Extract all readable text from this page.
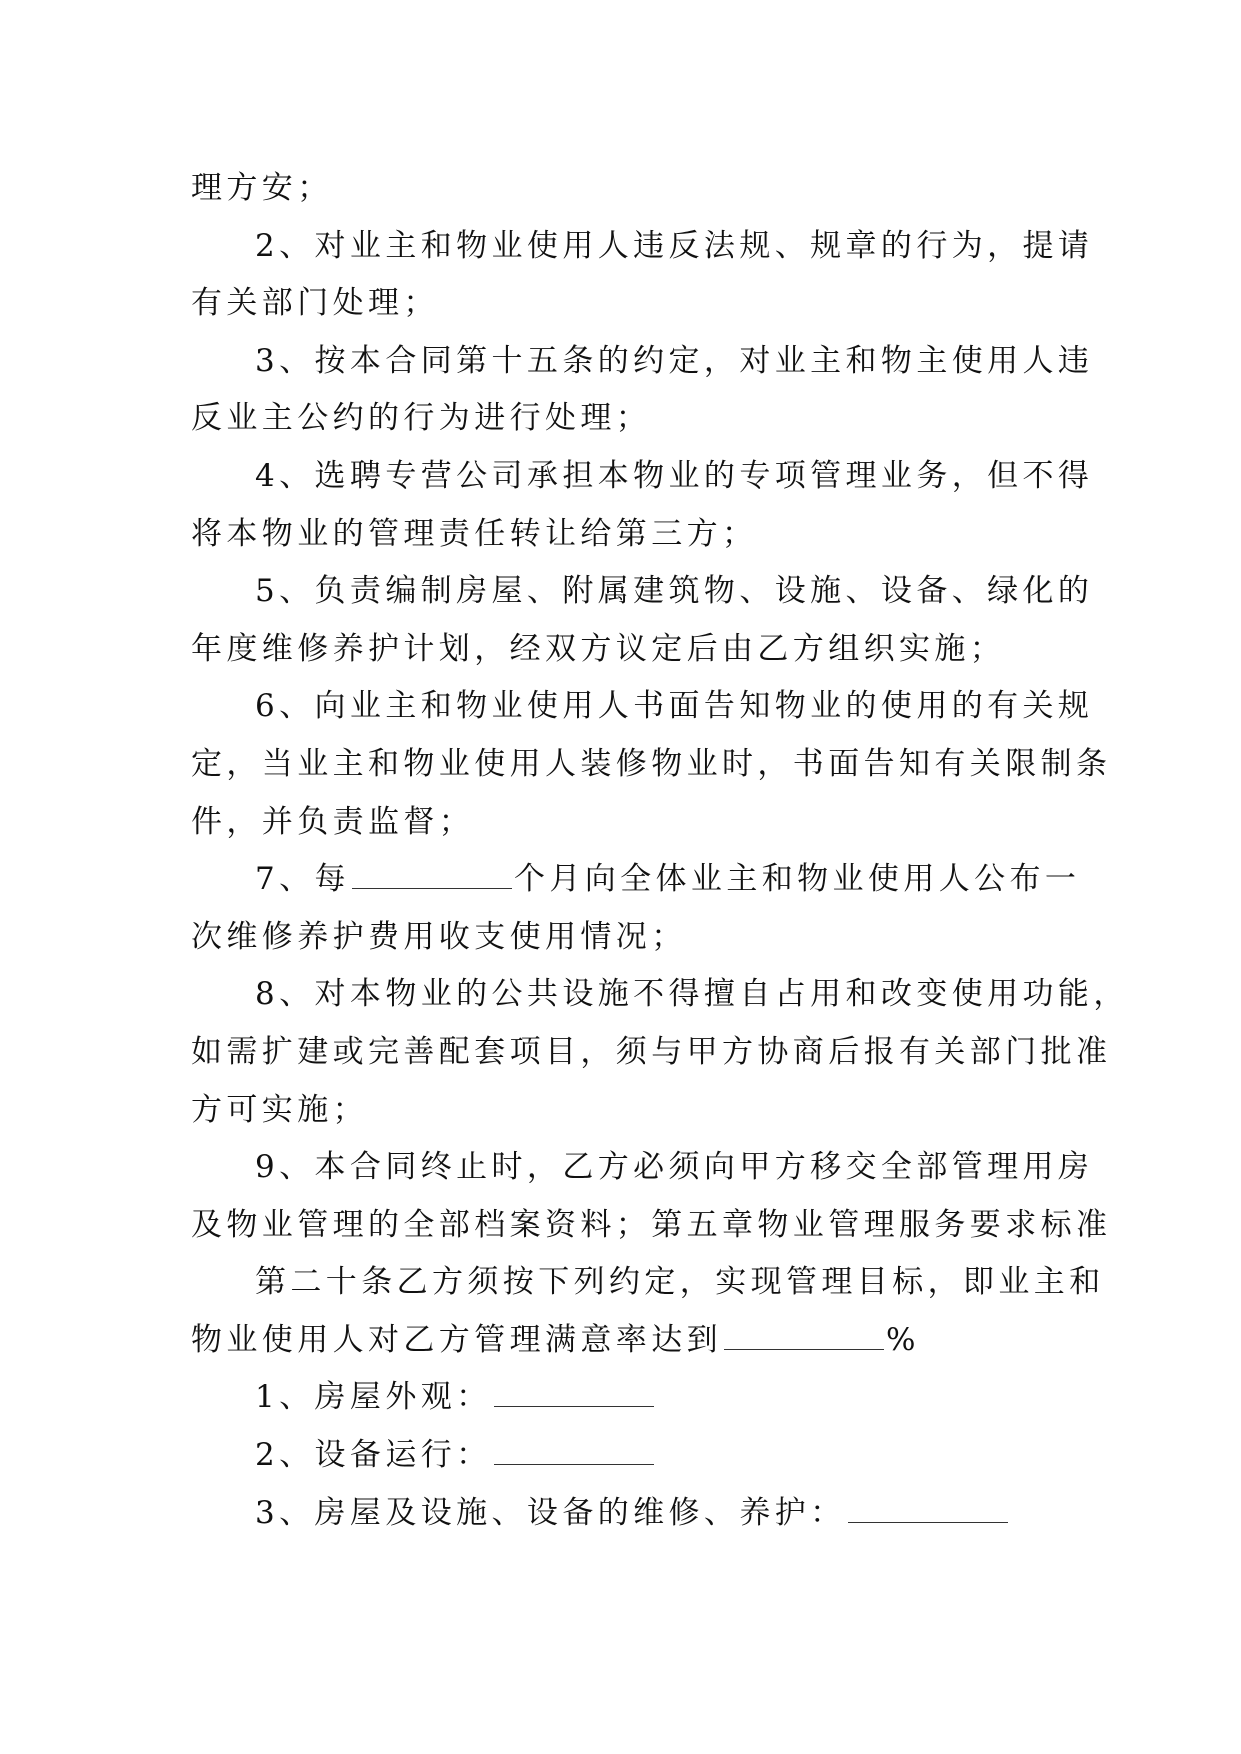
理方安；
2、对业主和物业使用人违反法规、规章的行为，提请
有关部门处理；
3、按本合同第十五条的约定，对业主和物主使用人违
反业主公约的行为进行处理；
4、选聘专营公司承担本物业的专项管理业务，但不得
将本物业的管理责任转让给第三方；
5、负责编制房屋、附属建筑物、设施、设备、绿化的
年度维修养护计划，经双方议定后由乙方组织实施；
6、向业主和物业使用人书面告知物业的使用的有关规
定，当业主和物业使用人装修物业时，书面告知有关限制条
件，并负责监督；
7、每	个月向全体业主和物业使用人公布一
次维修养护费用收支使用情况；
8、对本物业的公共设施不得擅自占用和改变使用功能，
如需扩建或完善配套项目，须与甲方协商后报有关部门批准
方可实施；
9、本合同终止时，乙方必须向甲方移交全部管理用房
及物业管理的全部档案资料；第五章物业管理服务要求标准
第二十条乙方须按下列约定，实现管理目标，即业主和
物业使用人对乙方管理满意率达到	%
1、房屋外观：
2、设备运行：
3、房屋及设施、设备的维修、养护：
